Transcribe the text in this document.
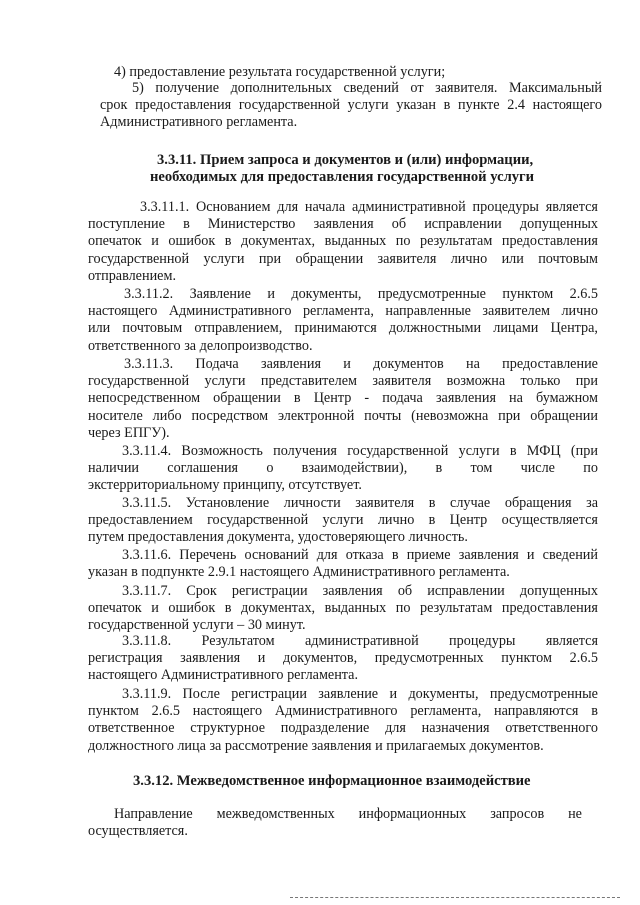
4) предоставление результата государственной услуги;
5) получение дополнительных сведений от заявителя. Максимальный
срок предоставления государственной услуги указан в пункте 2.4 настоящего
Административного регламента.
3.3.11. Прием запроса и документов и (или) информации,
необходимых для предоставления государственной услуги
3.3.11.1. Основанием для начала административной процедуры является
поступление в Министерство заявления об исправлении допущенных
опечаток и ошибок в документах, выданных по результатам предоставления
государственной услуги при обращении заявителя лично или почтовым
отправлением.
3.3.11.2. Заявление и документы, предусмотренные пунктом 2.6.5
настоящего Административного регламента, направленные заявителем лично
или почтовым отправлением, принимаются должностными лицами Центра,
ответственного за делопроизводство.
3.3.11.3. Подача заявления и документов на предоставление
государственной услуги представителем заявителя возможна только при
непосредственном обращении в Центр - подача заявления на бумажном
носителе либо посредством электронной почты (невозможна при обращении
через ЕПГУ).
3.3.11.4. Возможность получения государственной услуги в МФЦ (при
наличии соглашения о взаимодействии), в том числе по
экстерриториальному принципу, отсутствует.
3.3.11.5. Установление личности заявителя в случае обращения за
предоставлением государственной услуги лично в Центр осуществляется
путем предоставления документа, удостоверяющего личность.
3.3.11.6. Перечень оснований для отказа в приеме заявления и сведений
указан в подпункте 2.9.1 настоящего Административного регламента.
3.3.11.7. Срок регистрации заявления об исправлении допущенных
опечаток и ошибок в документах, выданных по результатам предоставления
государственной услуги – 30 минут.
3.3.11.8. Результатом административной процедуры является
регистрация заявления и документов, предусмотренных пунктом 2.6.5
настоящего Административного регламента.
3.3.11.9. После регистрации заявление и документы, предусмотренные
пунктом 2.6.5 настоящего Административного регламента, направляются в
ответственное структурное подразделение для назначения ответственного
должностного лица за рассмотрение заявления и прилагаемых документов.
3.3.12. Межведомственное информационное взаимодействие
Направление межведомственных информационных запросов не
осуществляется.
